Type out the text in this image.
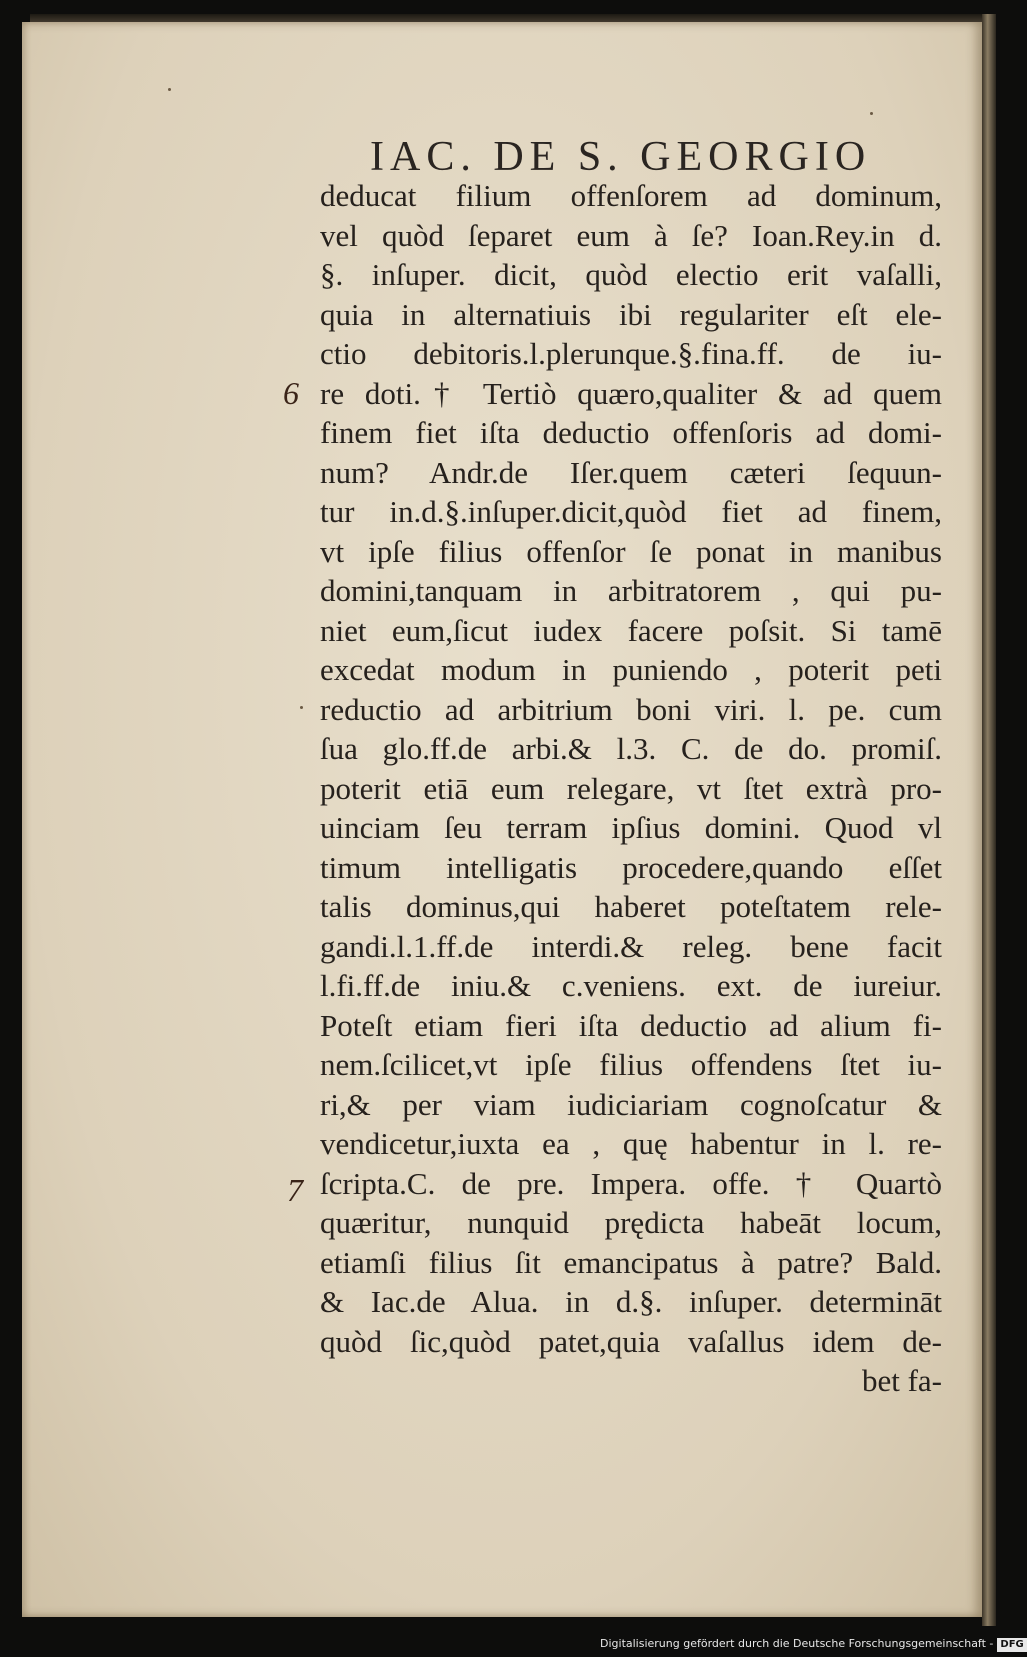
IAC. DE S. GEORGIO
6
7
deducat filium offenſorem ad dominum,
vel quòd ſeparet eum à ſe? Ioan.Rey.in d.
§. inſuper. dicit, quòd electio erit vaſalli,
quia in alternatiuis ibi regulariter eſt ele-
ctio debitoris.l.plerunque.§.fina.ff. de iu-
re doti.† Tertiò quæro,qualiter & ad quem
finem fiet iſta deductio offenſoris ad domi-
num? Andr.de Iſer.quem cæteri ſequun-
tur in.d.§.inſuper.dicit,quòd fiet ad finem,
vt ipſe filius offenſor ſe ponat in manibus
domini,tanquam in arbitratorem , qui pu-
niet eum,ſicut iudex facere poſsit. Si tamē
excedat modum in puniendo , poterit peti
reductio ad arbitrium boni viri. l. pe. cum
ſua glo.ff.de arbi.& l.3. C. de do. promiſ.
poterit etiā eum relegare, vt ſtet extrà pro-
uinciam ſeu terram ipſius domini. Quod vl
timum intelligatis procedere,quando eſſet
talis dominus,qui haberet poteſtatem rele-
gandi.l.1.ff.de interdi.& releg. bene facit
l.fi.ff.de iniu.& c.veniens. ext. de iureiur.
Poteſt etiam fieri iſta deductio ad alium fi-
nem.ſcilicet,vt ipſe filius offendens ſtet iu-
ri,& per viam iudiciariam cognoſcatur &
vendicetur,iuxta ea , quę habentur in l. re-
ſcripta.C. de pre. Impera. offe. † Quartò
quæritur, nunquid prędicta habeāt locum,
etiamſi filius ſit emancipatus à patre? Bald.
& Iac.de Alua. in d.§. inſuper. determināt
quòd ſic,quòd patet,quia vaſallus idem de-
bet fa-
Digitalisierung gefördert durch die Deutsche Forschungsgemeinschaft - DFG
